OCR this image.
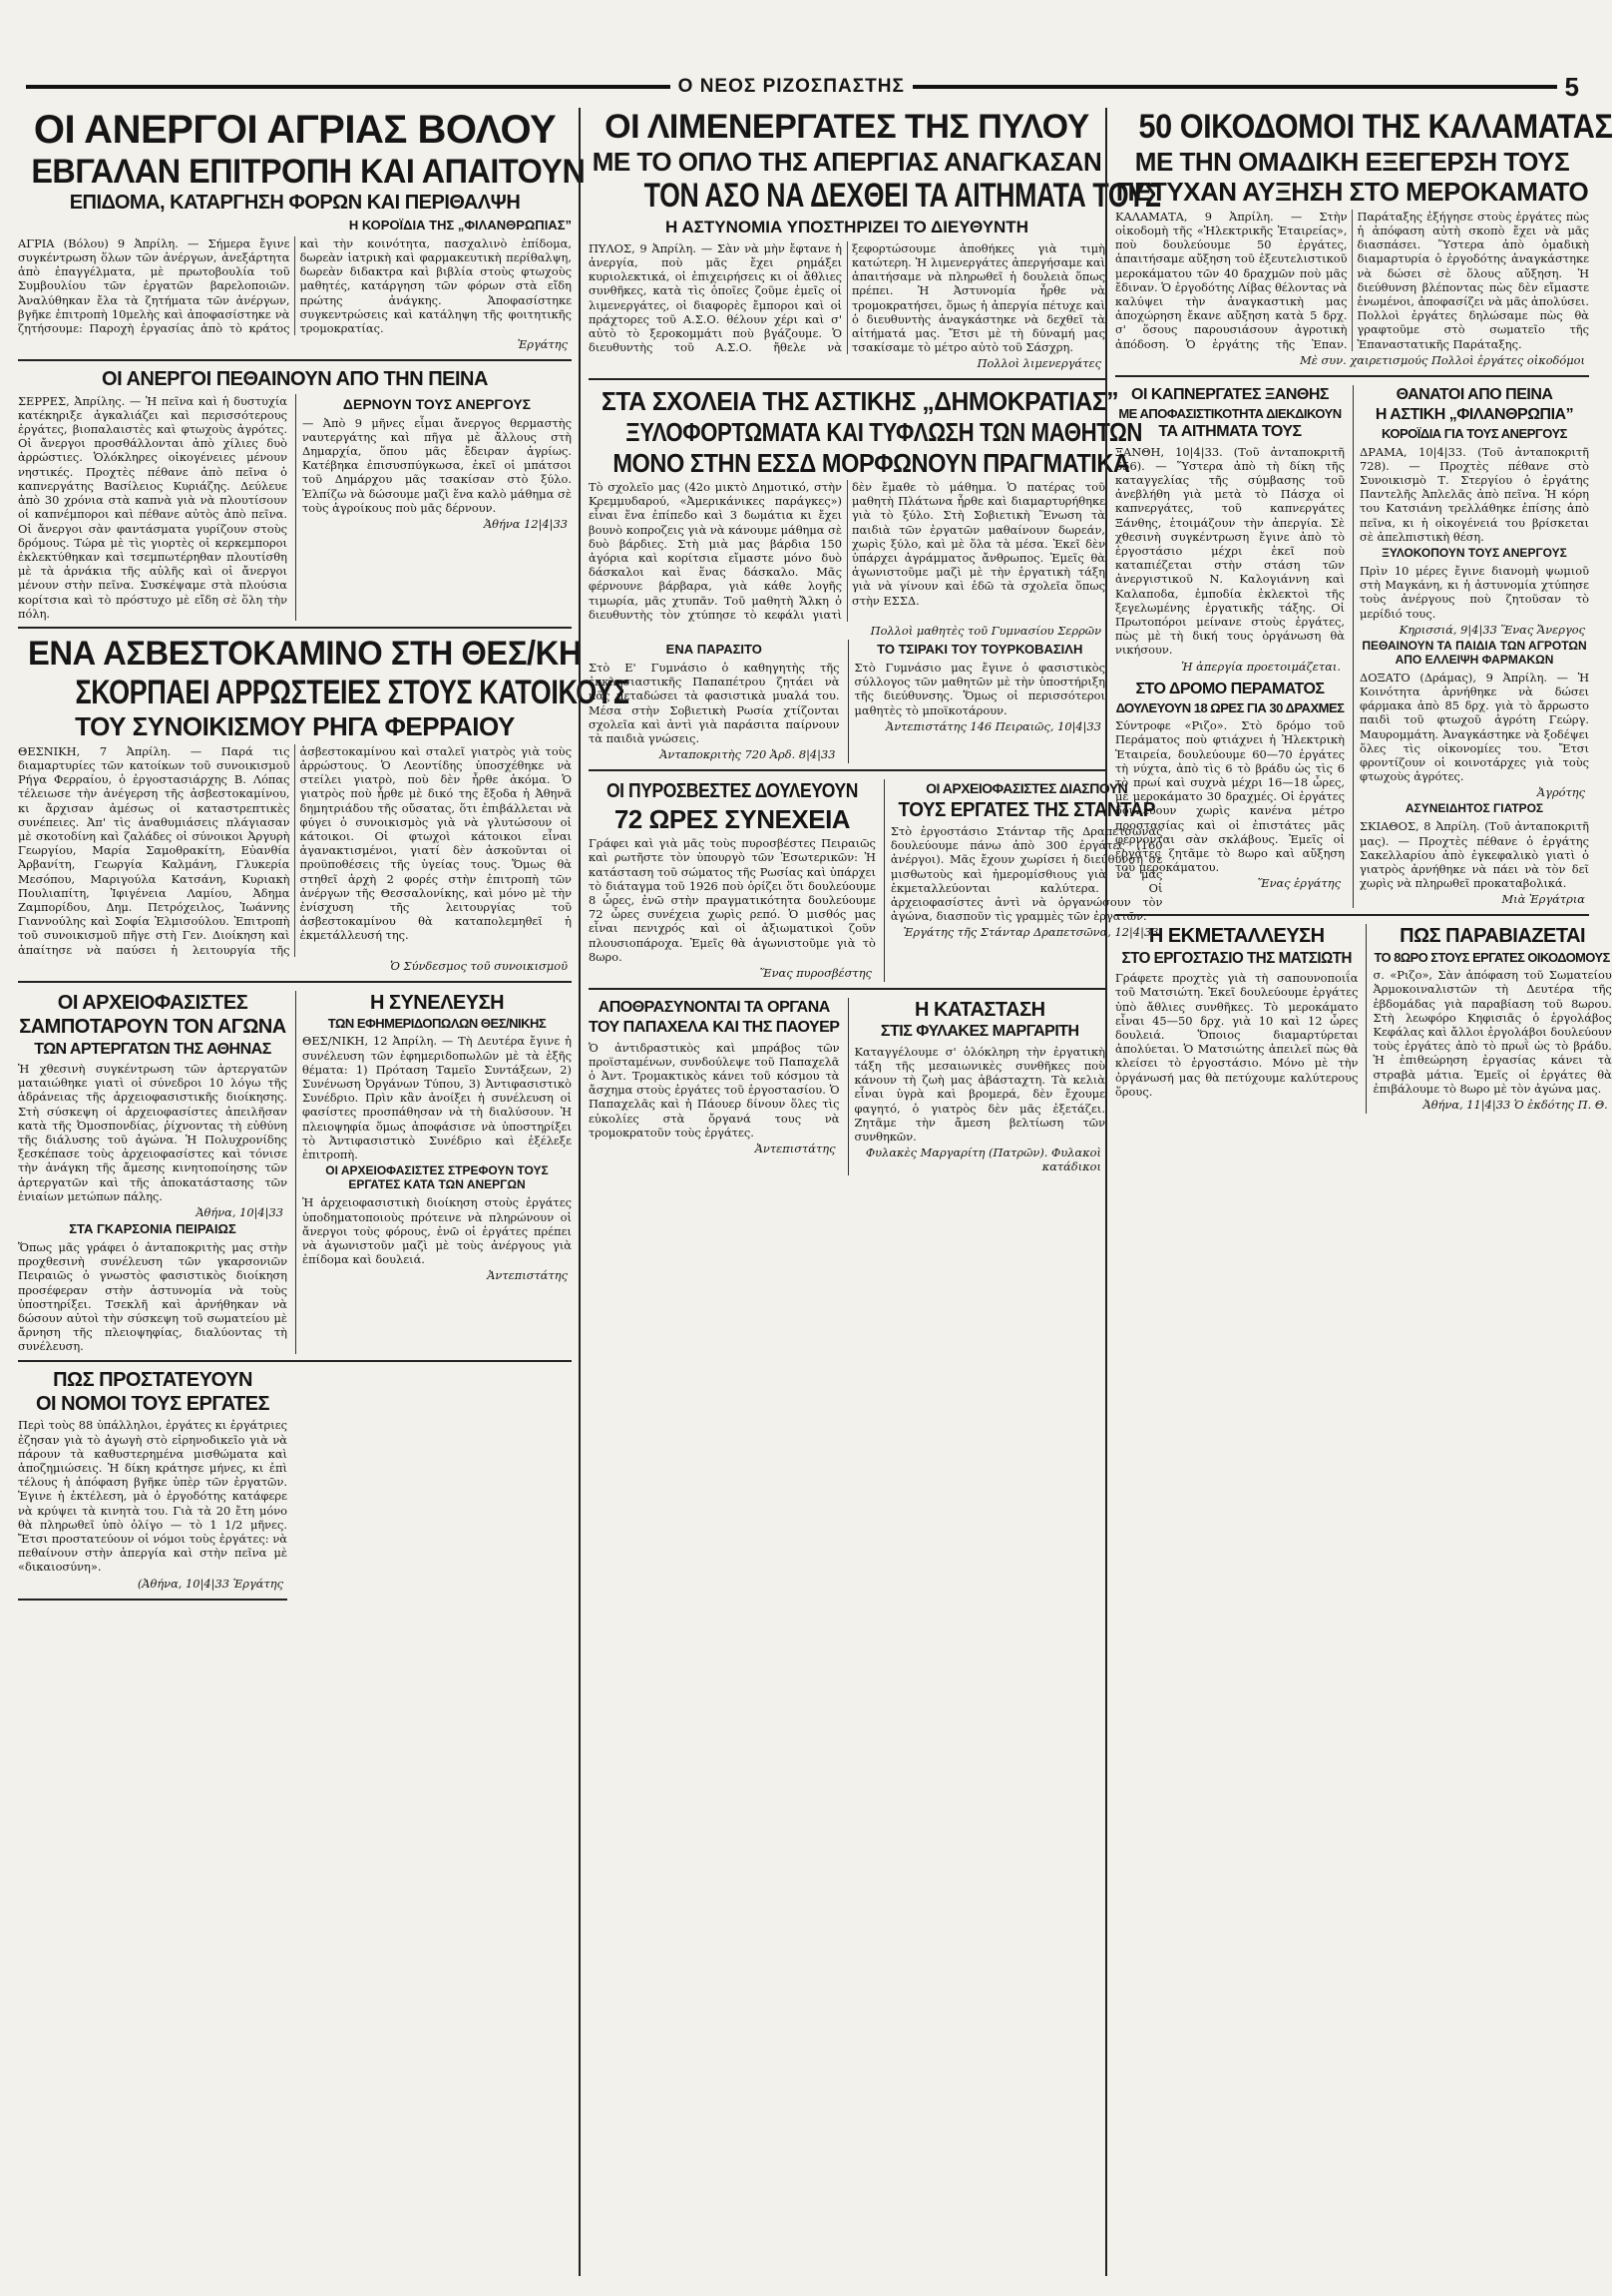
Ο ΝΕΟΣ ΡΙΖΟΣΠΑΣΤΗΣ	5
ΟΙ ΑΝΕΡΓΟΙ ΑΓΡΙΑΣ ΒΟΛΟΥ
ΕΒΓΑΛΑΝ ΕΠΙΤΡΟΠΗ ΚΑΙ ΑΠΑΙΤΟΥΝ
ΕΠΙΔΟΜΑ, ΚΑΤΑΡΓΗΣΗ ΦΟΡΩΝ ΚΑΙ ΠΕΡΙΘΑΛΨΗ
Η ΚΟΡΟΪΔΙΑ ΤΗΣ „ΦΙΛΑΝΘΡΩΠΙΑΣ”

ΑΓΡΙΑ (Βόλου) 9 Ἀπρίλη. — Σήμερα ἔγινε συγκέντρωση ὅλων τῶν ἀνέργων, ἀνεξάρτητα ἀπὸ ἐπαγγέλματα, μὲ πρωτοβουλία τοῦ Συμβουλίου τῶν ἐργατῶν βαρελοποιῶν. Ἀναλύθηκαν ἔλα τὰ ζητήματα τῶν ἀνέργων, βγῆκε ἐπιτροπὴ 10μελὴς καὶ ἀποφασίστηκε νὰ ζητήσουμε: Παροχὴ ἐργασίας ἀπὸ τὸ κράτος καὶ τὴν κοινότητα, πασχαλινὸ ἐπίδομα, δωρεὰν ἰατρικὴ καὶ φαρμακευτικὴ περίθαλψη, δωρεὰν διδακτρα καὶ βιβλία στοὺς φτωχοὺς μαθητές, κατάργηση τῶν φόρων στὰ εἴδη πρώτης ἀνάγκης. Ἀποφασίστηκε συγκεντρώσεις καὶ κατάληψη τῆς φοιτητικῆς τρομοκρατίας.

Ἐργάτης
ΟΙ ΑΝΕΡΓΟΙ ΠΕΘΑΙΝΟΥΝ ΑΠΟ ΤΗΝ ΠΕΙΝΑ

ΣΕΡΡΕΣ, Ἀπρίλης. — Ἡ πεῖνα καὶ ἡ δυστυχία κατέκηριξε ἀγκαλιάζει καὶ περισσότερους ἐργάτες, βιοπαλαιστὲς καὶ φτωχοὺς ἀγρότες. Οἱ ἄνεργοι προσθάλλονται ἀπὸ χίλιες δυὸ ἀρρώστιες. Ὁλόκληρες οἰκογένειες μένουν νηστικές. Προχτὲς πέθανε ἀπὸ πεῖνα ὁ καπνεργάτης Βασίλειος Κυριάζης. Δεύλευε ἀπὸ 30 χρόνια στὰ καπνὰ γιὰ νὰ πλουτίσουν οἱ καπνέμποροι καὶ πέθανε αὐτὸς ἀπὸ πεῖνα. Οἱ ἄνεργοι σὰν φαντάσματα γυρίζουν στοὺς δρόμους. Τώρα μὲ τὶς γιορτὲς οἱ κερκεμποροι ἐκλεκτύθηκαν καὶ τσεμπωτέρηθαν πλουτίσθη μὲ τὰ ἀρνάκια τῆς αὐλῆς καὶ οἱ ἄνεργοι μένουν στὴν πεῖνα. Συσκέψαμε στὰ πλούσια κορίτσια καὶ τὸ πρόστυχο μὲ εἴδη σὲ ὅλη τὴν πόλη.

ΔΕΡΝΟΥΝ ΤΟΥΣ ΑΝΕΡΓΟΥΣ

— Ἀπὸ 9 μῆνες εἶμαι ἄνεργος θερμαστὴς ναυτεργάτης καὶ πῆγα μὲ ἄλλους στὴ Δημαρχία, ὅπου μᾶς ἔδειραν ἀγρίως. Κατέβηκα ἐπισυσπύγκωσα, ἐκεῖ οἱ μπάτσοι τοῦ Δημάρχου μᾶς τσακίσαν στὸ ξύλο. Ἐλπίζω νὰ δώσουμε μαζὶ ἕνα καλὸ μάθημα σὲ τοὺς ἀγροίκους ποὺ μᾶς δέρνουν.

Ἀθήνα 12|4|33
ΕΝΑ ΑΣΒΕΣΤΟΚΑΜΙΝΟ ΣΤΗ ΘΕΣ/ΚΗ
ΣΚΟΡΠΑΕΙ ΑΡΡΩΣΤΕΙΕΣ ΣΤΟΥΣ ΚΑΤΟΙΚΟΥΣ
ΤΟΥ ΣΥΝΟΙΚΙΣΜΟΥ ΡΗΓΑ ΦΕΡΡΑΙΟΥ

ΘΕΣΝΙΚΗ, 7 Ἀπρίλη. — Παρά τις διαμαρτυρίες τῶν κατοίκων τοῦ συνοικισμοῦ Ρήγα Φερραίου, ὁ ἐργοστασιάρχης Β. Λόπας τέλειωσε τὴν ἀνέγερση τῆς ἀσβεστοκαμίνου, κι ἄρχισαν ἀμέσως οἱ καταστρεπτικὲς συνέπειες. Ἀπ' τὶς ἀναθυμιάσεις πλάγιασαν μὲ σκοτοδίνη καὶ ζαλάδες οἱ σύνοικοι Ἀργυρὴ Γεωργίου, Μαρία Σαμοθρακίτη, Εὐανθία Ἀρβανίτη, Γεωργία Καλμάνη, Γλυκερία Μεσόπου, Μαριγούλα Κατσάνη, Κυριακὴ Πουλιαπίτη, Ἰφιγένεια Λαμίου, Ἀδημα Ζαμπορίδου, Δημ. Πετρόχειλος, Ἰωάννης Γιαννούλης καὶ Σοφία Ἐλμισούλου. Ἐπιτροπὴ τοῦ συνοικισμοῦ πῆγε στὴ Γεν. Διοίκηση καὶ ἀπαίτησε νὰ παύσει ἡ λειτουργία τῆς ἀσβεστοκαμίνου καὶ σταλεῖ γιατρὸς γιὰ τοὺς ἀρρώστους. Ὁ Λεοντίδης ὑποσχέθηκε νὰ στείλει γιατρὸ, ποὺ δὲν ἦρθε ἀκόμα. Ὁ γιατρὸς ποὺ ἦρθε μὲ δικό της ἔξοδα ἡ Ἀθηνᾶ δημητριάδου τῆς οὔσατας, ὅτι ἐπιβάλλεται νὰ φύγει ὁ συνοικισμὸς γιὰ νὰ γλυτώσουν οἱ κάτοικοι. Οἱ φτωχοὶ κάτοικοι εἶναι ἀγανακτισμένοι, γιατί δὲν ἀσκοῦνται οἱ προϋποθέσεις τῆς ὑγείας τους. Ὅμως θὰ στηθεῖ ἀρχὴ 2 φορές στὴν ἐπιτροπὴ τῶν ἀνέργων τῆς Θεσσαλονίκης, καὶ μόνο μὲ τὴν ἐνίσχυση τῆς λειτουργίας τοῦ ἀσβεστοκαμίνου θὰ καταπολεμηθεῖ ἡ ἐκμετάλλευσή της.

Ὁ Σύνδεσμος τοῦ συνοικισμοῦ
ΟΙ ΑΡΧΕΙΟΦΑΣΙΣΤΕΣ
ΣΑΜΠΟΤΑΡΟΥΝ ΤΟΝ ΑΓΩΝΑ
ΤΩΝ ΑΡΤΕΡΓΑΤΩΝ ΤΗΣ ΑΘΗΝΑΣ

Ἡ χθεσινὴ συγκέντρωση τῶν ἀρτεργατῶν ματαιώθηκε γιατὶ οἱ σύνεδροι 10 λόγω τῆς ἀδράνειας τῆς ἀρχειοφασιστικῆς διοίκησης. Στὴ σύσκεψη οἱ ἀρχειοφασίστες ἀπειλῆσαν κατὰ τῆς Ὀμοσπονδίας, ῥίχνοντας τὴ εὐθύνη τῆς διάλυσης τοῦ ἀγώνα. Ἡ Πολυχρονίδης ξεσκέπασε τοὺς ἀρχειοφασίστες καὶ τόνισε τὴν ἀνάγκη τῆς ἄμεσης κινητοποίησης τῶν ἀρτεργατῶν καὶ τῆς ἀποκατάστασης τῶν ἑνιαίων μετώπων πάλης.

Ἀθήνα, 10|4|33
ΣΤΑ ΓΚΑΡΣΟΝΙΑ ΠΕΙΡΑΙΩΣ

Ὅπως μᾶς γράφει ὁ ἀνταποκριτὴς μας στὴν προχθεσινὴ συνέλευση τῶν γκαρσονιῶν Πειραιῶς ὁ γνωστὸς φασιστικὸς διοίκηση προσέφεραν στὴν ἀστυνομία νὰ τοὺς ὑποστηρίξει. Τσεκλῆ καὶ ἀρνήθηκαν νὰ δώσουν αὐτοὶ τὴν σύσκεψη τοῦ σωματείου μὲ ἄρνηση τῆς πλειοψηφίας, διαλύοντας τὴ συνέλευση.

Η ΣΥΝΕΛΕΥΣΗ
ΤΩΝ ΕΦΗΜΕΡΙΔΟΠΩΛΩΝ ΘΕΣ/ΝΙΚΗΣ

ΘΕΣ/ΝΙΚΗ, 12 Ἀπρίλη. — Τὴ Δευτέρα ἔγινε ἡ συνέλευση τῶν ἐφημεριδοπωλῶν μὲ τὰ ἑξῆς θέματα: 1) Πρόταση Ταμεῖο Συντάξεων, 2) Συνένωση Ὀργάνων Τύπου, 3) Ἀντιφασιστικὸ Συνέδριο. Πρὶν κἂν ἀνοίξει ἡ συνέλευση οἱ φασίστες προσπάθησαν νὰ τὴ διαλύσουν. Ἡ πλειοψηφία ὅμως ἀποφάσισε νὰ ὑποστηρίξει τὸ Ἀντιφασιστικὸ Συνέδριο καὶ ἐξέλεξε ἐπιτροπὴ.

ΟΙ ΑΡΧΕΙΟΦΑΣΙΣΤΕΣ ΣΤΡΕΦΟΥΝ ΤΟΥΣ ΕΡΓΑΤΕΣ ΚΑΤΑ ΤΩΝ ΑΝΕΡΓΩΝ

Ἡ ἀρχειοφασιστικὴ διοίκηση στοὺς ἐργάτες ὑποδηματοποιοὺς πρότεινε νὰ πληρώνουν οἱ ἄνεργοι τοὺς φόρους, ἐνῶ οἱ ἐργάτες πρέπει νὰ ἀγωνιστοῦν μαζὶ μὲ τοὺς ἀνέργους γιὰ ἐπίδομα καὶ δουλειά.

Ἀντεπιστάτης
ΠΩΣ ΠΡΟΣΤΑΤΕΥΟΥΝ
ΟΙ ΝΟΜΟΙ ΤΟΥΣ ΕΡΓΑΤΕΣ

Περὶ τοὺς 88 ὑπάλληλοι, ἐργάτες κι ἐργάτριες ἐζησαν γιὰ τὸ ἀγωγὴ στὸ εἰρηνοδικεῖο γιὰ νὰ πάρουν τὰ καθυστερημένα μισθώματα καὶ ἀποζημιώσεις. Ἡ δίκη κράτησε μήνες, κι ἐπὶ τέλους ἡ ἀπόφαση βγῆκε ὑπὲρ τῶν ἐργατῶν. Ἐγινε ἡ ἐκτέλεση, μὰ ὁ ἐργοδότης κατάφερε νὰ κρύψει τὰ κινητὰ του. Γιὰ τὰ 20 ἔτη μόνο θὰ πληρωθεῖ ὑπὸ ὀλίγο — τὸ 1 1/2 μῆνες. Ἔτσι προστατεύουν οἱ νόμοι τοὺς ἐργάτες: νὰ πεθαίνουν στὴν ἀπεργία καὶ στὴν πεῖνα μὲ «δικαιοσύνη».

(Ἀθήνα, 10|4|33 Ἐργάτης
ΟΙ ΛΙΜΕΝΕΡΓΑΤΕΣ ΤΗΣ ΠΥΛΟΥ
ΜΕ ΤΟ ΟΠΛΟ ΤΗΣ ΑΠΕΡΓΙΑΣ ΑΝΑΓΚΑΣΑΝ
ΤΟΝ ΑΣΟ ΝΑ ΔΕΧΘΕΙ ΤΑ ΑΙΤΗΜΑΤΑ ΤΟΥΣ
Η ΑΣΤΥΝΟΜΙΑ ΥΠΟΣΤΗΡΙΖΕΙ ΤΟ ΔΙΕΥΘΥΝΤΗ

ΠΥΛΟΣ, 9 Ἀπρίλη. — Σὰν νὰ μὴν ἔφτανε ἡ ἀνεργία, ποὺ μᾶς ἔχει ρημάξει κυριολεκτικά, οἱ ἐπιχειρήσεις κι οἱ ἄθλιες συνθῆκες, κατὰ τὶς ὁποῖες ζοῦμε ἐμεῖς οἱ λιμενεργάτες, οἱ διαφορὲς ἔμποροι καὶ οἱ πράχτορες τοῦ Α.Σ.Ο. θέλουν χέρι καὶ σ' αὐτὸ τὸ ξεροκομμάτι ποὺ βγάζουμε. Ὁ διευθυντὴς τοῦ Α.Σ.Ο. ἤθελε νὰ ξεφορτώσουμε ἀποθήκες γιὰ τιμὴ κατώτερη. Ἡ λιμενεργάτες ἀπεργήσαμε καὶ ἀπαιτήσαμε νὰ πληρωθεῖ ἡ δουλειὰ ὅπως πρέπει. Ἡ Ἀστυνομία ἦρθε νὰ τρομοκρατήσει, ὅμως ἡ ἀπεργία πέτυχε καὶ ὁ διευθυντὴς ἀναγκάστηκε νὰ δεχθεῖ τὰ αἰτήματά μας. Ἔτσι μὲ τὴ δύναμή μας τσακίσαμε τὸ μέτρο αὐτὸ τοῦ Σάσχρη.

Πολλοὶ λιμενεργάτες
ΣΤΑ ΣΧΟΛΕΙΑ ΤΗΣ ΑΣΤΙΚΗΣ „ΔΗΜΟΚΡΑΤΙΑΣ”
ΞΥΛΟΦΟΡΤΩΜΑΤΑ ΚΑΙ ΤΥΦΛΩΣΗ ΤΩΝ ΜΑΘΗΤΩΝ
ΜΟΝΟ ΣΤΗΝ ΕΣΣΔ ΜΟΡΦΩΝΟΥΝ ΠΡΑΓΜΑΤΙΚΑ

Τὸ σχολεῖο μας (42ο μικτὸ Δημοτικό, στὴν Κρεμμυδαρού, «Ἀμερικάνικες παράγκες») εἶναι ἕνα ἐπίπεδο καὶ 3 δωμάτια κι ἔχει βουνὸ κοπροζεις γιὰ νὰ κάνουμε μάθημα σὲ δυὸ βάρδιες. Στὴ μιὰ μας βάρδια 150 ἀγόρια καὶ κορίτσια εἴμαστε μόνο δυὸ δάσκαλοι καὶ ἕνας δάσκαλο. Μᾶς φέρνουνε βάρβαρα, γιὰ κάθε λογῆς τιμωρία, μᾶς χτυπᾶν. Τοῦ μαθητὴ Ἄλκη ὁ διευθυντὴς τὸν χτύπησε τὸ κεφάλι γιατὶ δὲν ἔμαθε τὸ μάθημα. Ὁ πατέρας τοῦ μαθητὴ Πλάτωνα ἦρθε καὶ διαμαρτυρήθηκε γιὰ τὸ ξύλο. Στὴ Σοβιετικὴ Ἕνωση τὰ παιδιὰ τῶν ἐργατῶν μαθαίνουν δωρεάν, χωρὶς ξύλο, καὶ μὲ ὅλα τὰ μέσα. Ἐκεῖ δὲν ὑπάρχει ἀγράμματος ἄνθρωπος. Ἐμεῖς θὰ ἀγωνιστοῦμε μαζὶ μὲ τὴν ἐργατικὴ τάξη γιὰ νὰ γίνουν καὶ ἐδῶ τὰ σχολεῖα ὅπως στὴν ΕΣΣΔ.

Πολλοὶ μαθητὲς τοῦ Γυμνασίου Σερρῶν
ΕΝΑ ΠΑΡΑΣΙΤΟ

Στὸ Ε' Γυμνάσιο ὁ καθηγητὴς τῆς ἐκκλησιαστικῆς Παπαπέτρου ζητάει νὰ μᾶς μεταδώσει τὰ φασιστικὰ μυαλά του. Μέσα στὴν Σοβιετικὴ Ρωσία χτίζονται σχολεῖα καὶ ἀντὶ γιὰ παράσιτα παίρνουν τὰ παιδιὰ γνώσεις.

Ἀνταποκριτὴς 720 Ἀρδ. 8|4|33
ΤΟ ΤΣΙΡΑΚΙ ΤΟΥ ΤΟΥΡΚΟΒΑΣΙΛΗ

Στὸ Γυμνάσιο μας ἔγινε ὁ φασιστικὸς σύλλογος τῶν μαθητῶν μὲ τὴν ὑποστήριξη τῆς διεύθυνσης. Ὅμως οἱ περισσότεροι μαθητὲς τὸ μποϊκοτάρουν.

Ἀντεπιστάτης 146 Πειραιῶς, 10|4|33
ΟΙ ΠΥΡΟΣΒΕΣΤΕΣ ΔΟΥΛΕΥΟΥΝ
72 ΩΡΕΣ ΣΥΝΕΧΕΙΑ

Γράφει καὶ γιὰ μᾶς τοὺς πυροσβέστες Πειραιῶς καὶ ρωτῆστε τὸν ὑπουργὸ τῶν Ἐσωτερικῶν: Ἡ κατάσταση τοῦ σώματος τῆς Ρωσίας καὶ ὑπάρχει τὸ διάταγμα τοῦ 1926 ποὺ ὁρίζει ὅτι δουλεύουμε 8 ὧρες, ἐνῶ στὴν πραγματικότητα δουλεύουμε 72 ὧρες συνέχεια χωρὶς ρεπό. Ὁ μισθός μας εἶναι πενιχρός καὶ οἱ ἀξιωματικοὶ ζοῦν πλουσιοπάροχα. Ἐμεῖς θὰ ἀγωνιστοῦμε γιὰ τὸ 8ωρο.

Ἕνας πυροσβέστης
ΟΙ ΑΡΧΕΙΟΦΑΣΙΣΤΕΣ ΔΙΑΣΠΟΥΝ
ΤΟΥΣ ΕΡΓΑΤΕΣ ΤΗΣ ΣΤΑΝΤΑΡ

Στὸ ἐργοστάσιο Στάνταρ τῆς Δραπετσώνας δουλεύουμε πάνω ἀπὸ 300 ἐργάτες (160 ἀνέργοι). Μᾶς ἔχουν χωρίσει ἡ διεύθυνση σὲ μισθωτοὺς καὶ ἡμερομίσθιους γιὰ νὰ μᾶς ἐκμεταλλεύονται καλύτερα. Οἱ ἀρχειοφασίστες ἀντὶ νὰ ὀργανώσουν τὸν ἀγώνα, διασποῦν τὶς γραμμὲς τῶν ἐργατῶν.

Ἐργάτης τῆς Στάνταρ Δραπετσῶνα, 12|4|33
ΑΠΟΘΡΑΣΥΝΟΝΤΑΙ ΤΑ ΟΡΓΑΝΑ
ΤΟΥ ΠΑΠΑΧΕΛΑ ΚΑΙ ΤΗΣ ΠΑΟΥΕΡ

Ὁ ἀντιδραστικὸς καὶ μπράβος τῶν προϊσταμένων, συνδούλεψε τοῦ Παπαχελᾶ ὁ Ἀντ. Τρομακτικὸς κάνει τοῦ κόσμου τὰ ἄσχημα στοὺς ἐργάτες τοῦ ἐργοστασίου. Ὁ Παπαχελᾶς καὶ ἡ Πάουερ δίνουν ὅλες τὶς εὐκολίες στὰ ὄργανά τους νὰ τρομοκρατοῦν τοὺς ἐργάτες.

Ἀντεπιστάτης
Η ΚΑΤΑΣΤΑΣΗ
ΣΤΙΣ ΦΥΛΑΚΕΣ ΜΑΡΓΑΡΙΤΗ

Καταγγέλουμε σ' ὁλόκληρη τὴν ἐργατικὴ τάξη τῆς μεσαιωνικὲς συνθῆκες ποὺ κάνουν τὴ ζωὴ μας ἀβάσταχτη. Τὰ κελιὰ εἶναι ὑγρὰ καὶ βρομερά, δὲν ἔχουμε φαγητό, ὁ γιατρὸς δὲν μᾶς ἐξετάζει. Ζητᾶμε τὴν ἄμεση βελτίωση τῶν συνθηκῶν.

Φυλακὲς Μαργαρίτη (Πατρῶν). Φυλακοὶ κατάδικοι
50 ΟΙΚΟΔΟΜΟΙ ΤΗΣ ΚΑΛΑΜΑΤΑΣ
ΜΕ ΤΗΝ ΟΜΑΔΙΚΗ ΕΞΕΓΕΡΣΗ ΤΟΥΣ
ΠΕΤΥΧΑΝ ΑΥΞΗΣΗ ΣΤΟ ΜΕΡΟΚΑΜΑΤΟ

ΚΑΛΑΜΑΤΑ, 9 Ἀπρίλη. — Στὴν οἰκοδομὴ τῆς «Ἠλεκτρικῆς Ἑταιρείας», ποὺ δουλεύουμε 50 ἐργάτες, ἀπαιτήσαμε αὔξηση τοῦ ἐξευτελιστικοῦ μεροκάματου τῶν 40 δραχμῶν ποὺ μᾶς ἔδιναν. Ὁ ἐργοδότης Λίβας θέλοντας νὰ καλύψει τὴν ἀναγκαστικὴ μας ἀποχώρηση ἔκανε αὔξηση κατὰ 5 δρχ. σ' ὅσους παρουσιάσουν ἀγροτικὴ ἀπόδοση. Ὁ ἐργάτης τῆς Ἐπαν. Παράταξης ἐξήγησε στοὺς ἐργάτες πὼς ἡ ἀπόφαση αὐτὴ σκοπὸ ἔχει νὰ μᾶς διασπάσει. Ὕστερα ἀπὸ ὁμαδικὴ διαμαρτυρία ὁ ἐργοδότης ἀναγκάστηκε νὰ δώσει σὲ ὅλους αὔξηση. Ἡ διεύθυνση βλέποντας πὼς δὲν εἴμαστε ἑνωμένοι, ἀποφασίζει νὰ μᾶς ἀπολύσει. Πολλοὶ ἐργάτες δηλώσαμε πὼς θὰ γραφτοῦμε στὸ σωματεῖο τῆς Ἐπαναστατικῆς Παράταξης.

Μὲ συν. χαιρετισμούς Πολλοὶ ἐργάτες οἰκοδόμοι
ΟΙ ΚΑΠΝΕΡΓΑΤΕΣ ΞΑΝΘΗΣ
ΜΕ ΑΠΟΦΑΣΙΣΤΙΚΟΤΗΤΑ ΔΙΕΚΔΙΚΟΥΝ
ΤΑ ΑΙΤΗΜΑΤΑ ΤΟΥΣ

ΞΑΝΘΗ, 10|4|33. (Τοῦ ἀνταποκριτῆ 656). — Ὕστερα ἀπὸ τὴ δίκη τῆς καταγγελίας τῆς σύμβασης τοῦ ἀνεβλήθη γιὰ μετὰ τὸ Πάσχα οἱ καπνεργάτες, τοῦ καπνεργάτες Ξάνθης, ἑτοιμάζουν τὴν ἀπεργία. Σὲ χθεσινὴ συγκέντρωση ἔγινε ἀπὸ τὸ ἐργοστάσιο μέχρι ἑκεῖ ποὺ καταπιέζεται στὴν στάση τῶν ἀνεργιστικοῦ Ν. Καλογιάννη καὶ Καλαποδα, ἐμποδία ἐκλεκτοὶ τῆς ξεγελωμένης ἐργατικῆς τάξης. Οἱ Πρωτοπόροι μείνανε στοὺς ἐργάτες, πὼς μὲ τὴ δική τους ὀργάνωση θὰ νικήσουν.

Ἡ ἀπεργία προετοιμάζεται.
ΣΤΟ ΔΡΟΜΟ ΠΕΡΑΜΑΤΟΣ
ΔΟΥΛΕΥΟΥΝ 18 ΩΡΕΣ ΓΙΑ 30 ΔΡΑΧΜΕΣ

Σύντροφε «Ριζο». Στὸ δρόμο τοῦ Περάματος ποὺ φτιάχνει ἡ Ἠλεκτρικὴ Ἑταιρεία, δουλεύουμε 60—70 ἐργάτες τὴ νύχτα, ἀπὸ τὶς 6 τὸ βράδυ ὡς τὶς 6 τὸ πρωί καὶ συχνὰ μέχρι 16—18 ὧρες, μὲ μεροκάματο 30 δραχμές. Οἱ ἐργάτες δουλεύουν χωρὶς κανένα μέτρο προστασίας καὶ οἱ ἐπιστάτες μᾶς φέρνονται σὰν σκλάβους. Ἐμεῖς οἱ ἐργάτες ζητᾶμε τὸ 8ωρο καὶ αὔξηση τοῦ μεροκάματου.

Ἕνας ἐργάτης
ΘΑΝΑΤΟΙ ΑΠΟ ΠΕΙΝΑ
Η ΑΣΤΙΚΗ „ΦΙΛΑΝΘΡΩΠΙΑ”
ΚΟΡΟΪΔΙΑ ΓΙΑ ΤΟΥΣ ΑΝΕΡΓΟΥΣ

ΔΡΑΜΑ, 10|4|33. (Τοῦ ἀνταποκριτῆ 728). — Προχτὲς πέθανε στὸ Συνοικισμὸ Τ. Στεργίου ὁ ἐργάτης Παντελῆς Ἀπλελᾶς ἀπὸ πεῖνα. Ἡ κόρη του Κατσιάνη τρελλάθηκε ἐπίσης ἀπὸ πεῖνα, κι ἡ οἰκογένειά του βρίσκεται σὲ ἀπελπιστικὴ θέση.

ΞΥΛΟΚΟΠΟΥΝ ΤΟΥΣ ΑΝΕΡΓΟΥΣ

Πρὶν 10 μέρες ἔγινε διανομὴ ψωμιοῦ στὴ Μαγκάνη, κι ἡ ἀστυνομία χτύπησε τοὺς ἀνέργους ποὺ ζητοῦσαν τὸ μερίδιό τους.

Κηρισσιά, 9|4|33 Ἕνας Ἄνεργος
ΠΕΘΑΙΝΟΥΝ ΤΑ ΠΑΙΔΙΑ ΤΩΝ ΑΓΡΟΤΩΝ ΑΠΟ ΕΛΛΕΙΨΗ ΦΑΡΜΑΚΩΝ

ΔΟΞΑΤΟ (Δράμας), 9 Ἀπρίλη. — Ἡ Κοινότητα ἀρνήθηκε νὰ δώσει φάρμακα ἀπὸ 85 δρχ. γιὰ τὸ ἄρρωστο παιδὶ τοῦ φτωχοῦ ἀγρότη Γεώργ. Μαυρομμάτη. Ἀναγκάστηκε νὰ ξοδέψει ὅλες τὶς οἰκονομίες του. Ἔτσι φροντίζουν οἱ κοινοτάρχες γιὰ τοὺς φτωχοὺς ἀγρότες.

Ἀγρότης
ΑΣΥΝΕΙΔΗΤΟΣ ΓΙΑΤΡΟΣ

ΣΚΙΑΘΟΣ, 8 Ἀπρίλη. (Τοῦ ἀνταποκριτῆ μας). — Προχτὲς πέθανε ὁ ἐργάτης Σακελλαρίου ἀπὸ ἐγκεφαλικὸ γιατὶ ὁ γιατρὸς ἀρνήθηκε νὰ πάει νὰ τὸν δεῖ χωρὶς νὰ πληρωθεῖ προκαταβολικά.

Μιὰ Ἐργάτρια
Η ΕΚΜΕΤΑΛΛΕΥΣΗ
ΣΤΟ ΕΡΓΟΣΤΑΣΙΟ ΤΗΣ ΜΑΤΣΙΩΤΗ

Γράφετε προχτὲς γιὰ τὴ σαπουνοποιΐα τοῦ Ματσιώτη. Ἐκεῖ δουλεύουμε ἐργάτες ὑπὸ ἄθλιες συνθῆκες. Τὸ μεροκάματο εἶναι 45—50 δρχ. γιὰ 10 καὶ 12 ὧρες δουλειά. Ὅποιος διαμαρτύρεται ἀπολύεται. Ὁ Ματσιώτης ἀπειλεῖ πὼς θὰ κλείσει τὸ ἐργοστάσιο. Μόνο μὲ τὴν ὀργάνωσή μας θὰ πετύχουμε καλύτερους ὅρους.

ΠΩΣ ΠΑΡΑΒΙΑΖΕΤΑΙ
ΤΟ 8ΩΡΟ ΣΤΟΥΣ ΕΡΓΑΤΕΣ ΟΙΚΟΔΟΜΟΥΣ

σ. «Ριζο», Σὰν ἀπόφαση τοῦ Σωματείου Ἀρμοκοιναλιστῶν τὴ Δευτέρα τῆς ἑβδομάδας γιὰ παραβίαση τοῦ 8ωρου. Στὴ λεωφόρο Κηφισιᾶς ὁ ἐργολάβος Κεφάλας καὶ ἄλλοι ἐργολάβοι δουλεύουν τοὺς ἐργάτες ἀπὸ τὸ πρωῒ ὡς τὸ βράδυ. Ἡ ἐπιθεώρηση ἐργασίας κάνει τὰ στραβὰ μάτια. Ἐμεῖς οἱ ἐργάτες θὰ ἐπιβάλουμε τὸ 8ωρο μὲ τὸν ἀγώνα μας.

Ἀθήνα, 11|4|33 Ὁ ἐκδότης Π. Θ.
